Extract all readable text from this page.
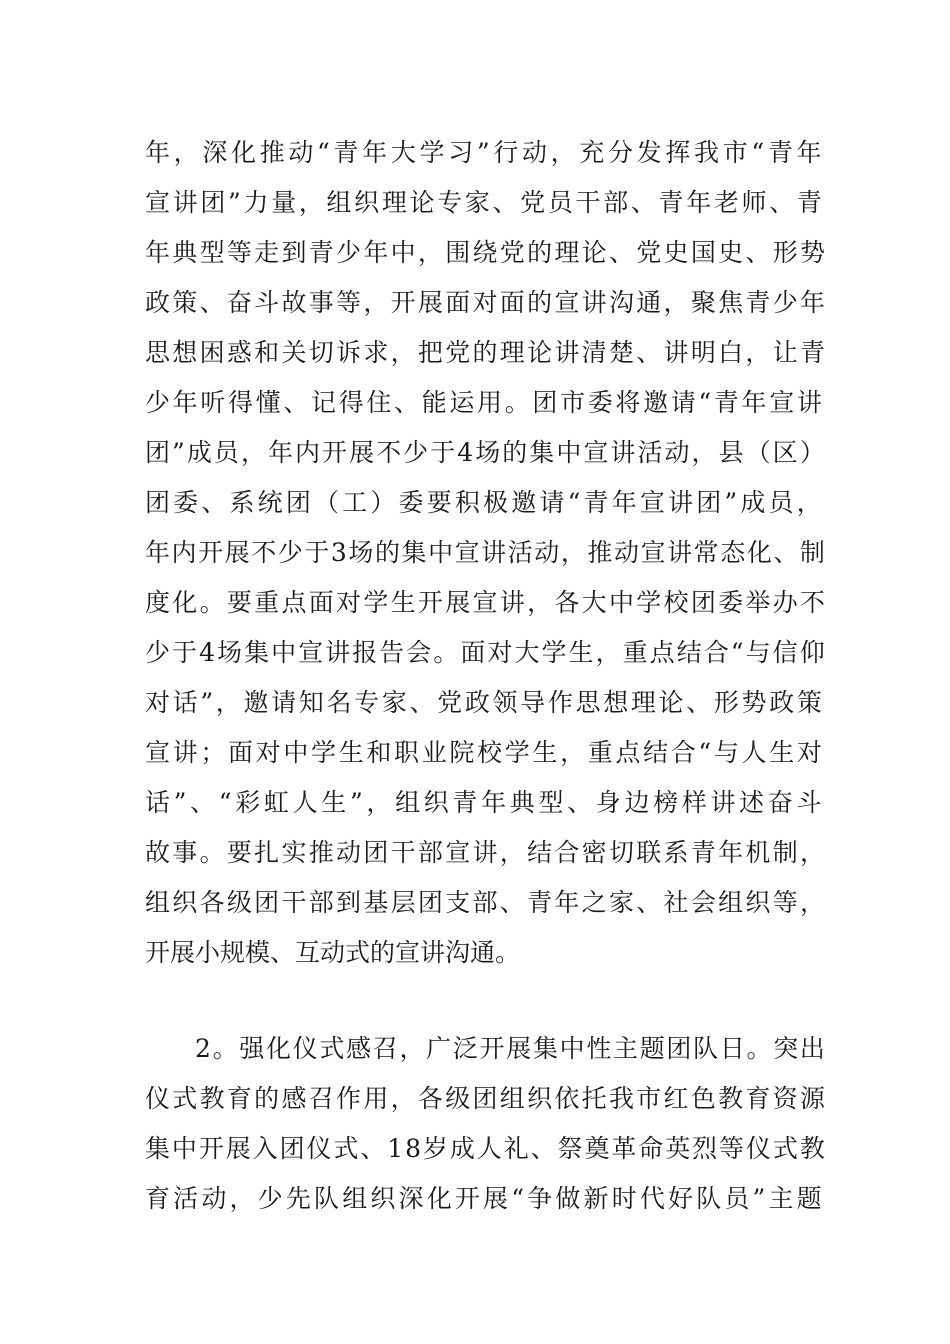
年，深化推动“青年大学习”行动，充分发挥我市“青年
宣讲团”力量，组织理论专家、党员干部、青年老师、青
年典型等走到青少年中，围绕党的理论、党史国史、形势
政策、奋斗故事等，开展面对面的宣讲沟通，聚焦青少年
思想困惑和关切诉求，把党的理论讲清楚、讲明白，让青
少年听得懂、记得住、能运用。团市委将邀请“青年宣讲
团”成员，年内开展不少于4场的集中宣讲活动，县（区）
团委、系统团（工）委要积极邀请“青年宣讲团”成员，
年内开展不少于3场的集中宣讲活动，推动宣讲常态化、制
度化。要重点面对学生开展宣讲，各大中学校团委举办不
少于4场集中宣讲报告会。面对大学生，重点结合“与信仰
对话”，邀请知名专家、党政领导作思想理论、形势政策
宣讲；面对中学生和职业院校学生，重点结合“与人生对
话”、“彩虹人生”，组织青年典型、身边榜样讲述奋斗
故事。要扎实推动团干部宣讲，结合密切联系青年机制，
组织各级团干部到基层团支部、青年之家、社会组织等，
开展小规模、互动式的宣讲沟通。
2。强化仪式感召，广泛开展集中性主题团队日。突出
仪式教育的感召作用，各级团组织依托我市红色教育资源
集中开展入团仪式、18岁成人礼、祭奠革命英烈等仪式教
育活动，少先队组织深化开展“争做新时代好队员”主题
